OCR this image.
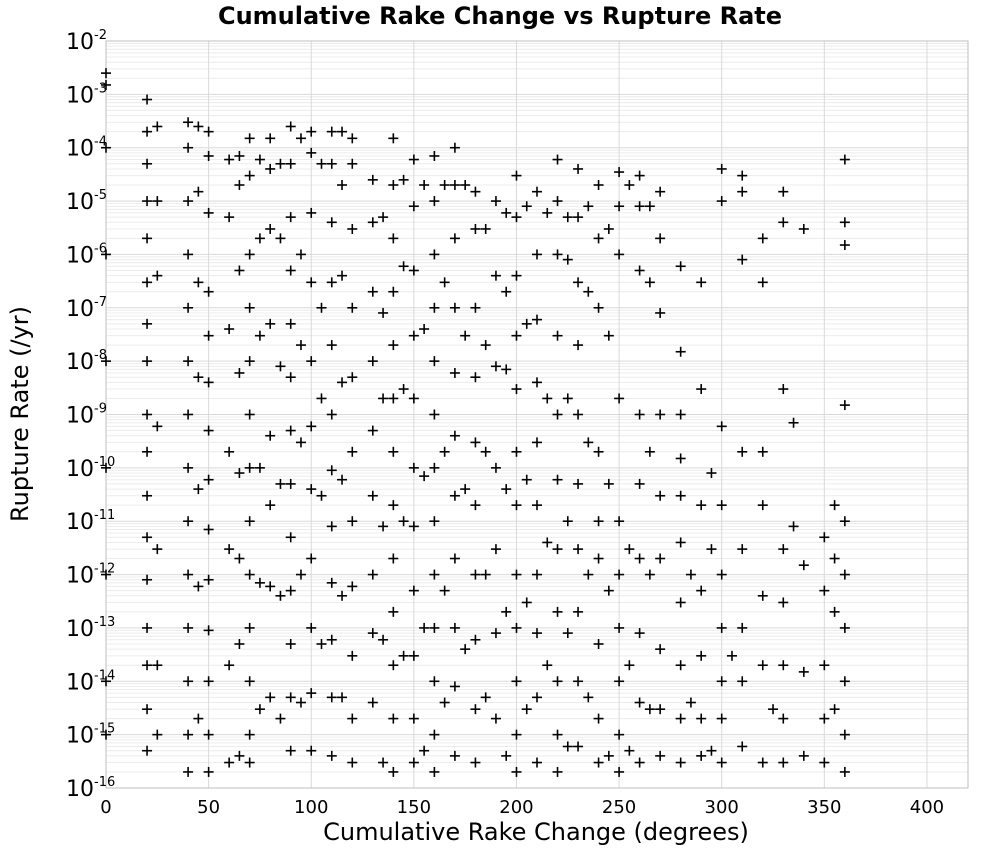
Cumulative Rake Change vs Rupture Rate
0	50	100	150	200	250	300	350	400
$10^{-2}$
$10^{-3}$
$10^{-4}$
$10^{-5}$
$10^{-6}$
$10^{-7}$
$10^{-8}$
$10^{-9}$
$10^{-10}$
$10^{-11}$
$10^{-12}$
$10^{-13}$
$10^{-14}$
$10^{-15}$
$10^{-16}$
Cumulative Rake Change (degrees)
Rupture Rate (/yr)
